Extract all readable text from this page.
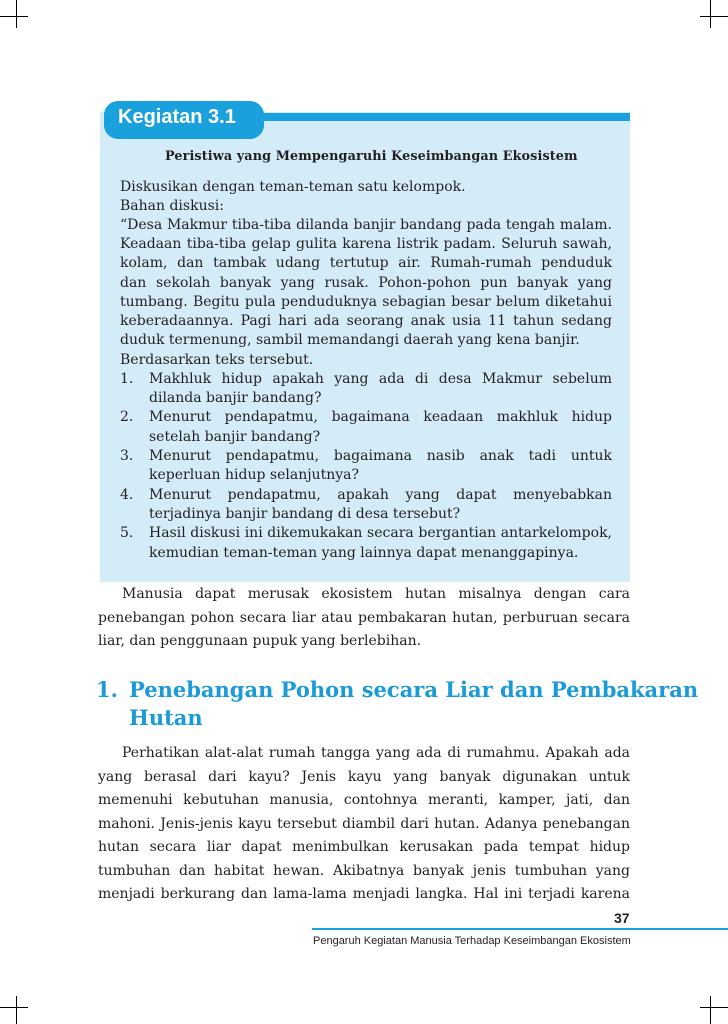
Kegiatan 3.1
Peristiwa yang Mempengaruhi Keseimbangan Ekosistem
Diskusikan dengan teman-teman satu kelompok.
Bahan diskusi:
“Desa Makmur tiba-tiba dilanda banjir bandang pada tengah malam.
Keadaan tiba-tiba gelap gulita karena listrik padam. Seluruh sawah,
kolam, dan tambak udang tertutup air. Rumah-rumah penduduk
dan sekolah banyak yang rusak. Pohon-pohon pun banyak yang
tumbang. Begitu pula penduduknya sebagian besar belum diketahui
keberadaannya. Pagi hari ada seorang anak usia 11 tahun sedang
duduk termenung, sambil memandangi daerah yang kena banjir.
Berdasarkan teks tersebut.
1. Makhluk hidup apakah yang ada di desa Makmur sebelum
dilanda banjir bandang?
2. Menurut pendapatmu, bagaimana keadaan makhluk hidup
setelah banjir bandang?
3. Menurut pendapatmu, bagaimana nasib anak tadi untuk
keperluan hidup selanjutnya?
4. Menurut pendapatmu, apakah yang dapat menyebabkan
terjadinya banjir bandang di desa tersebut?
5. Hasil diskusi ini dikemukakan secara bergantian antarkelompok,
kemudian teman-teman yang lainnya dapat menanggapinya.
Manusia dapat merusak ekosistem hutan misalnya dengan cara
penebangan pohon secara liar atau pembakaran hutan, perburuan secara
liar, dan penggunaan pupuk yang berlebihan.
1. Penebangan Pohon secara Liar dan Pembakaran
Hutan
Perhatikan alat-alat rumah tangga yang ada di rumahmu. Apakah ada
yang berasal dari kayu? Jenis kayu yang banyak digunakan untuk
memenuhi kebutuhan manusia, contohnya meranti, kamper, jati, dan
mahoni. Jenis-jenis kayu tersebut diambil dari hutan. Adanya penebangan
hutan secara liar dapat menimbulkan kerusakan pada tempat hidup
tumbuhan dan habitat hewan. Akibatnya banyak jenis tumbuhan yang
menjadi berkurang dan lama-lama menjadi langka. Hal ini terjadi karena
37
Pengaruh Kegiatan Manusia Terhadap Keseimbangan Ekosistem
